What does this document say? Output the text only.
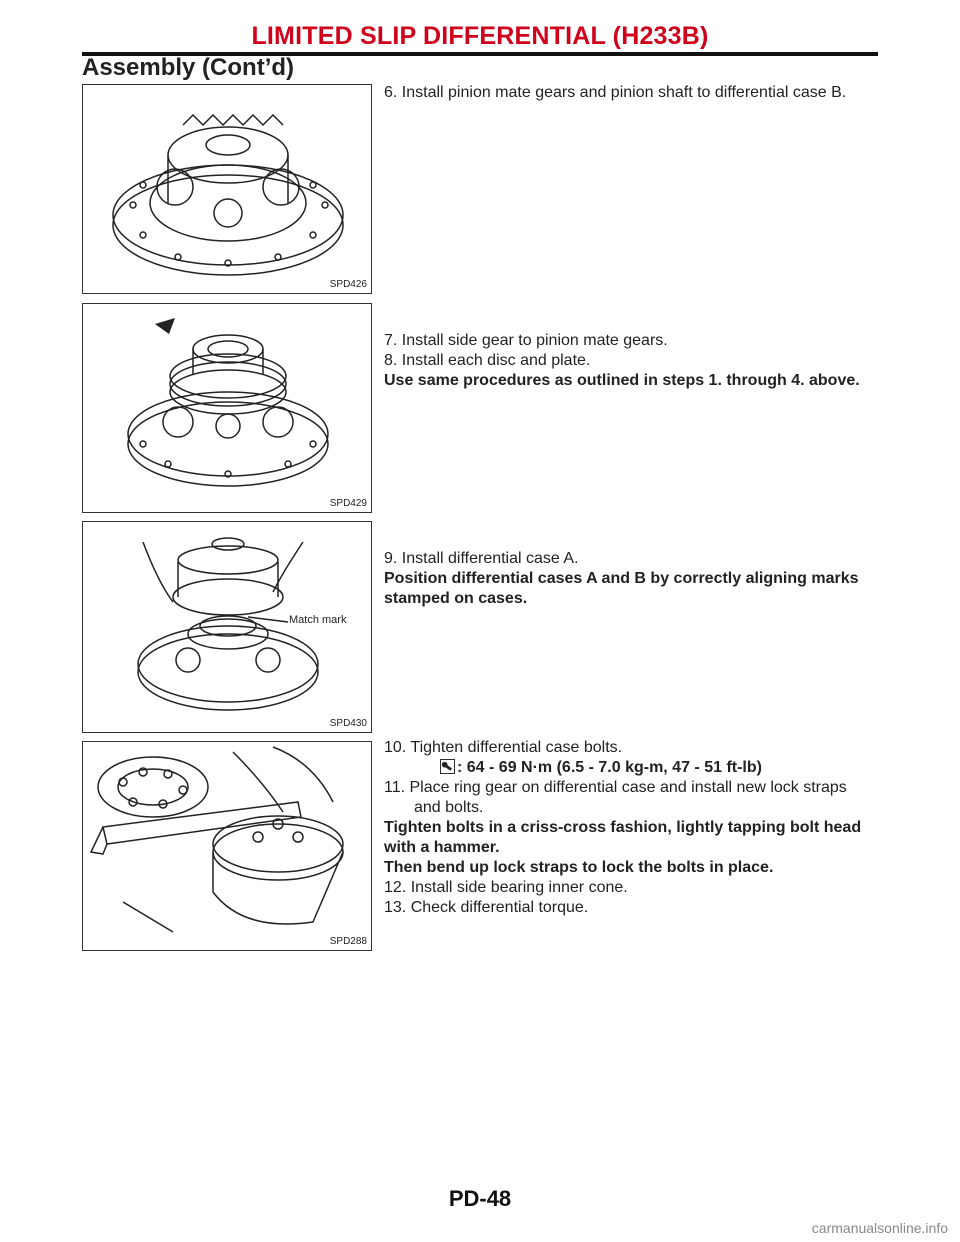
LIMITED SLIP DIFFERENTIAL (H233B)
Assembly (Cont’d)
SPD426
SPD429
Match mark
SPD430
SPD288

6. Install pinion mate gears and pinion shaft to differential case B.

7. Install side gear to pinion mate gears.

8. Install each disc and plate.

Use same procedures as outlined in steps 1. through 4. above.

9. Install differential case A.

Position differential cases A and B by correctly aligning marks stamped on cases.

10. Tighten differential case bolts.

: 64 - 69 N·m (6.5 - 7.0 kg-m, 47 - 51 ft-lb)

11. Place ring gear on differential case and install new lock straps

and bolts.

Tighten bolts in a criss-cross fashion, lightly tapping bolt head with a hammer.

Then bend up lock straps to lock the bolts in place.

12. Install side bearing inner cone.

13. Check differential torque.

PD-48
carmanualsonline.info
